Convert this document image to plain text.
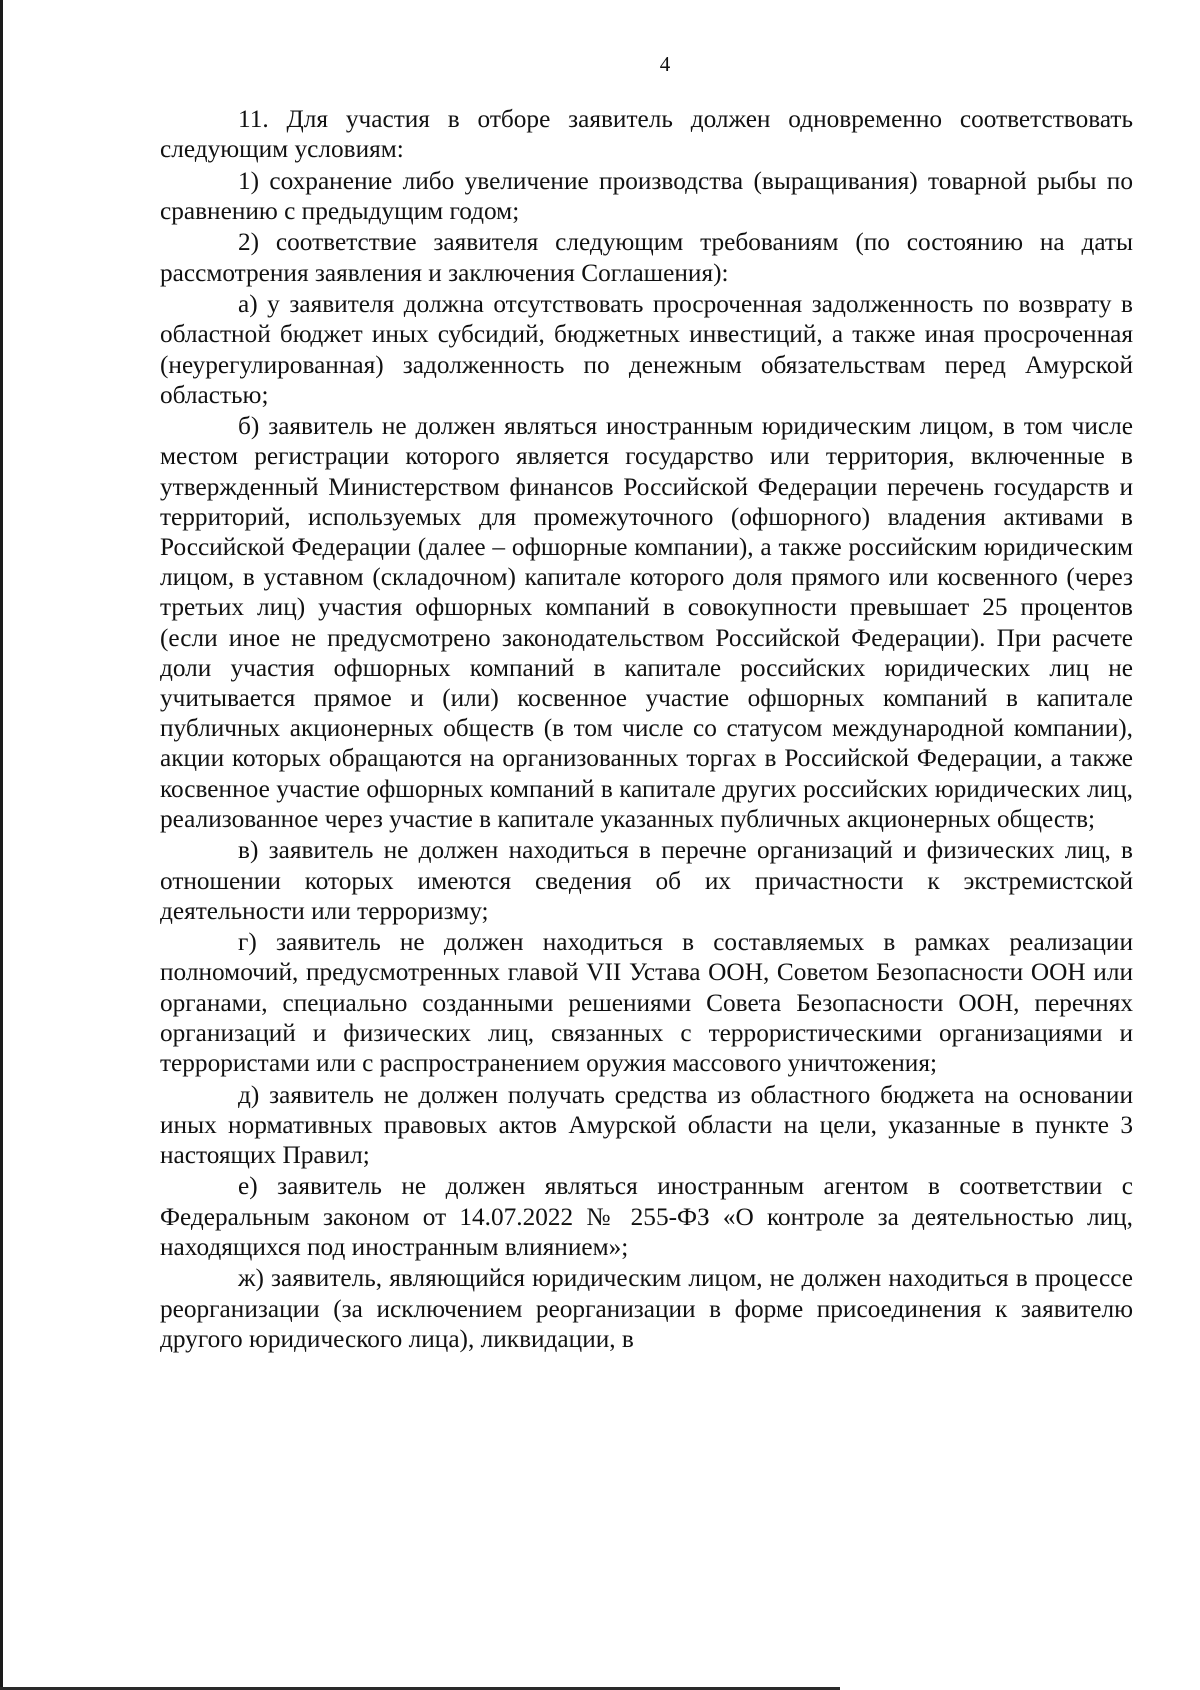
4

11. Для участия в отборе заявитель должен одновременно соответствовать следующим условиям:

1) сохранение либо увеличение производства (выращивания) товарной рыбы по сравнению с предыдущим годом;

2) соответствие заявителя следующим требованиям (по состоянию на даты рассмотрения заявления и заключения Соглашения):

а) у заявителя должна отсутствовать просроченная задолженность по возврату в областной бюджет иных субсидий, бюджетных инвестиций, а также иная просроченная (неурегулированная) задолженность по денежным обязательствам перед Амурской областью;

б) заявитель не должен являться иностранным юридическим лицом, в том числе местом регистрации которого является государство или территория, включенные в утвержденный Министерством финансов Российской Федерации перечень государств и территорий, используемых для промежуточного (офшорного) владения активами в Российской Федерации (далее – офшорные компании), а также российским юридическим лицом, в уставном (складочном) капитале которого доля прямого или косвенного (через третьих лиц) участия офшорных компаний в совокупности превышает 25 процентов (если иное не предусмотрено законодательством Российской Федерации). При расчете доли участия офшорных компаний в капитале российских юридических лиц не учитывается прямое и (или) косвенное участие офшорных компаний в капитале публичных акционерных обществ (в том числе со статусом международной компании), акции которых обращаются на организованных торгах в Российской Федерации, а также косвенное участие офшорных компаний в капитале других российских юридических лиц, реализованное через участие в капитале указанных публичных акционерных обществ;

в) заявитель не должен находиться в перечне организаций и физических лиц, в отношении которых имеются сведения об их причастности к экстремистской деятельности или терроризму;

г) заявитель не должен находиться в составляемых в рамках реализации полномочий, предусмотренных главой VII Устава ООН, Советом Безопасности ООН или органами, специально созданными решениями Совета Безопасности ООН, перечнях организаций и физических лиц, связанных с террористическими организациями и террористами или с распространением оружия массового уничтожения;

д) заявитель не должен получать средства из областного бюджета на основании иных нормативных правовых актов Амурской области на цели, указанные в пункте 3 настоящих Правил;

е) заявитель не должен являться иностранным агентом в соответствии с Федеральным законом от 14.07.2022 № 255-ФЗ «О контроле за деятельностью лиц, находящихся под иностранным влиянием»;

ж) заявитель, являющийся юридическим лицом, не должен находиться в процессе реорганизации (за исключением реорганизации в форме присоединения к заявителю другого юридического лица), ликвидации, в
